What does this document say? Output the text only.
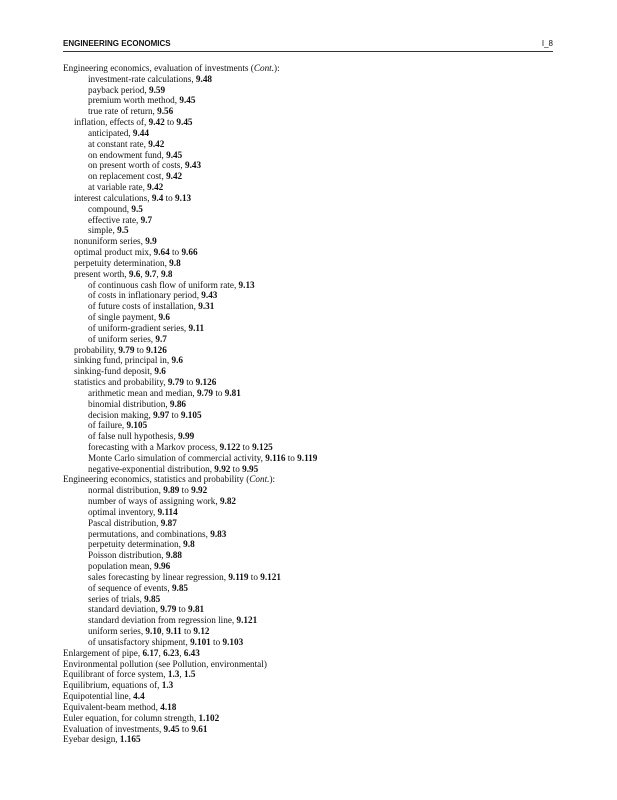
ENGINEERING ECONOMICS	I_8
Engineering economics, evaluation of investments (Cont.):
investment-rate calculations, 9.48
payback period, 9.59
premium worth method, 9.45
true rate of return, 9.56
inflation, effects of, 9.42 to 9.45
anticipated, 9.44
at constant rate, 9.42
on endowment fund, 9.45
on present worth of costs, 9.43
on replacement cost, 9.42
at variable rate, 9.42
interest calculations, 9.4 to 9.13
compound, 9.5
effective rate, 9.7
simple, 9.5
nonuniform series, 9.9
optimal product mix, 9.64 to 9.66
perpetuity determination, 9.8
present worth, 9.6, 9.7, 9.8
of continuous cash flow of uniform rate, 9.13
of costs in inflationary period, 9.43
of future costs of installation, 9.31
of single payment, 9.6
of uniform-gradient series, 9.11
of uniform series, 9.7
probability, 9.79 to 9.126
sinking fund, principal in, 9.6
sinking-fund deposit, 9.6
statistics and probability, 9.79 to 9.126
arithmetic mean and median, 9.79 to 9.81
binomial distribution, 9.86
decision making, 9.97 to 9.105
of failure, 9.105
of false null hypothesis, 9.99
forecasting with a Markov process, 9.122 to 9.125
Monte Carlo simulation of commercial activity, 9.116 to 9.119
negative-exponential distribution, 9.92 to 9.95
Engineering economics, statistics and probability (Cont.):
normal distribution, 9.89 to 9.92
number of ways of assigning work, 9.82
optimal inventory, 9.114
Pascal distribution, 9.87
permutations, and combinations, 9.83
perpetuity determination, 9.8
Poisson distribution, 9.88
population mean, 9.96
sales forecasting by linear regression, 9.119 to 9.121
of sequence of events, 9.85
series of trials, 9.85
standard deviation, 9.79 to 9.81
standard deviation from regression line, 9.121
uniform series, 9.10, 9.11 to 9.12
of unsatisfactory shipment, 9.101 to 9.103
Enlargement of pipe, 6.17, 6.23, 6.43
Environmental pollution (see Pollution, environmental)
Equilibrant of force system, 1.3, 1.5
Equilibrium, equations of, 1.3
Equipotential line, 4.4
Equivalent-beam method, 4.18
Euler equation, for column strength, 1.102
Evaluation of investments, 9.45 to 9.61
Eyebar design, 1.165
